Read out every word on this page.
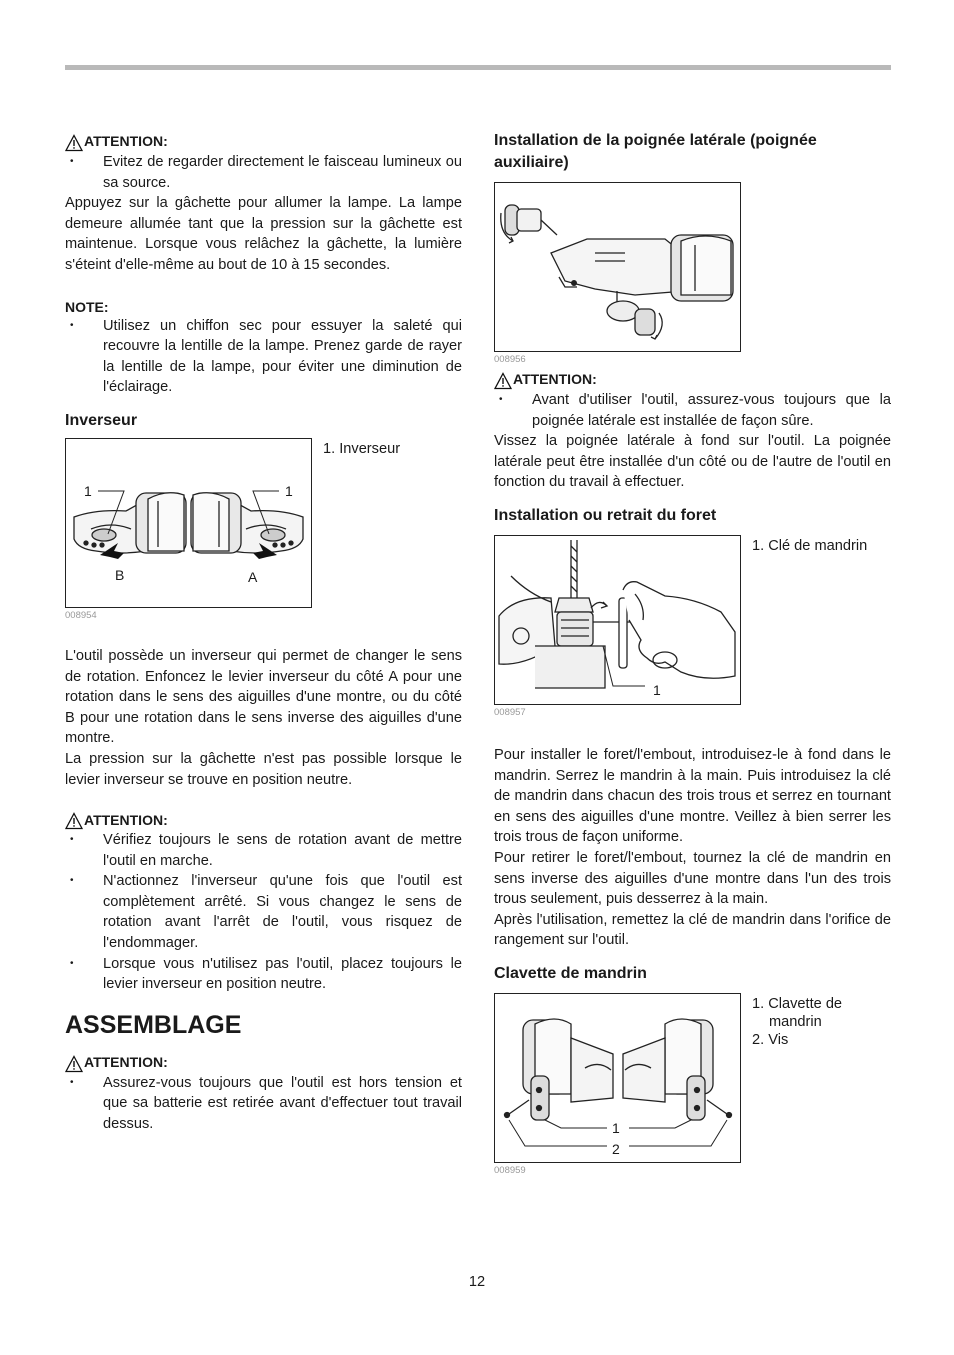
ATTENTION:
• Evitez de regarder directement le faisceau lumineux ou sa source.

Appuyez sur la gâchette pour allumer la lampe. La lampe demeure allumée tant que la pression sur la gâchette est maintenue. Lorsque vous relâchez la gâchette, la lumière s'éteint d'elle-même au bout de 10 à 15 secondes.

NOTE:
• Utilisez un chiffon sec pour essuyer la saleté qui recouvre la lentille de la lampe. Prenez garde de rayer la lentille de la lampe, pour éviter une diminution de l'éclairage.
Inverseur
1	1
B	A
008954
1. Inverseur

L'outil possède un inverseur qui permet de changer le sens de rotation. Enfoncez le levier inverseur du côté A pour une rotation dans le sens des aiguilles d'une montre, ou du côté B pour une rotation dans le sens inverse des aiguilles d'une montre.

La pression sur la gâchette n'est pas possible lorsque le levier inverseur se trouve en position neutre.

ATTENTION:
• Vérifiez toujours le sens de rotation avant de mettre l'outil en marche.
• N'actionnez l'inverseur qu'une fois que l'outil est complètement arrêté. Si vous changez le sens de rotation avant l'arrêt de l'outil, vous risquez de l'endommager.
• Lorsque vous n'utilisez pas l'outil, placez toujours le levier inverseur en position neutre.
ASSEMBLAGE
ATTENTION:
• Assurez-vous toujours que l'outil est hors tension et que sa batterie est retirée avant d'effectuer tout travail dessus.
Installation de la poignée latérale (poignée auxiliaire)
008956
ATTENTION:
• Avant d'utiliser l'outil, assurez-vous toujours que la poignée latérale est installée de façon sûre.

Vissez la poignée latérale à fond sur l'outil. La poignée latérale peut être installée d'un côté ou de l'autre de l'outil en fonction du travail à effectuer.

Installation ou retrait du foret
1
008957
1. Clé de mandrin

Pour installer le foret/l'embout, introduisez-le à fond dans le mandrin. Serrez le mandrin à la main. Puis introduisez la clé de mandrin dans chacun des trois trous et serrez en tournant en sens des aiguilles d'une montre. Veillez à bien serrer les trois trous de façon uniforme.

Pour retirer le foret/l'embout, tournez la clé de mandrin en sens inverse des aiguilles d'une montre dans l'un des trois trous seulement, puis desserrez à la main.

Après l'utilisation, remettez la clé de mandrin dans l'orifice de rangement sur l'outil.

Clavette de mandrin
1
2
008959
1. Clavette de
mandrin
2. Vis
12
